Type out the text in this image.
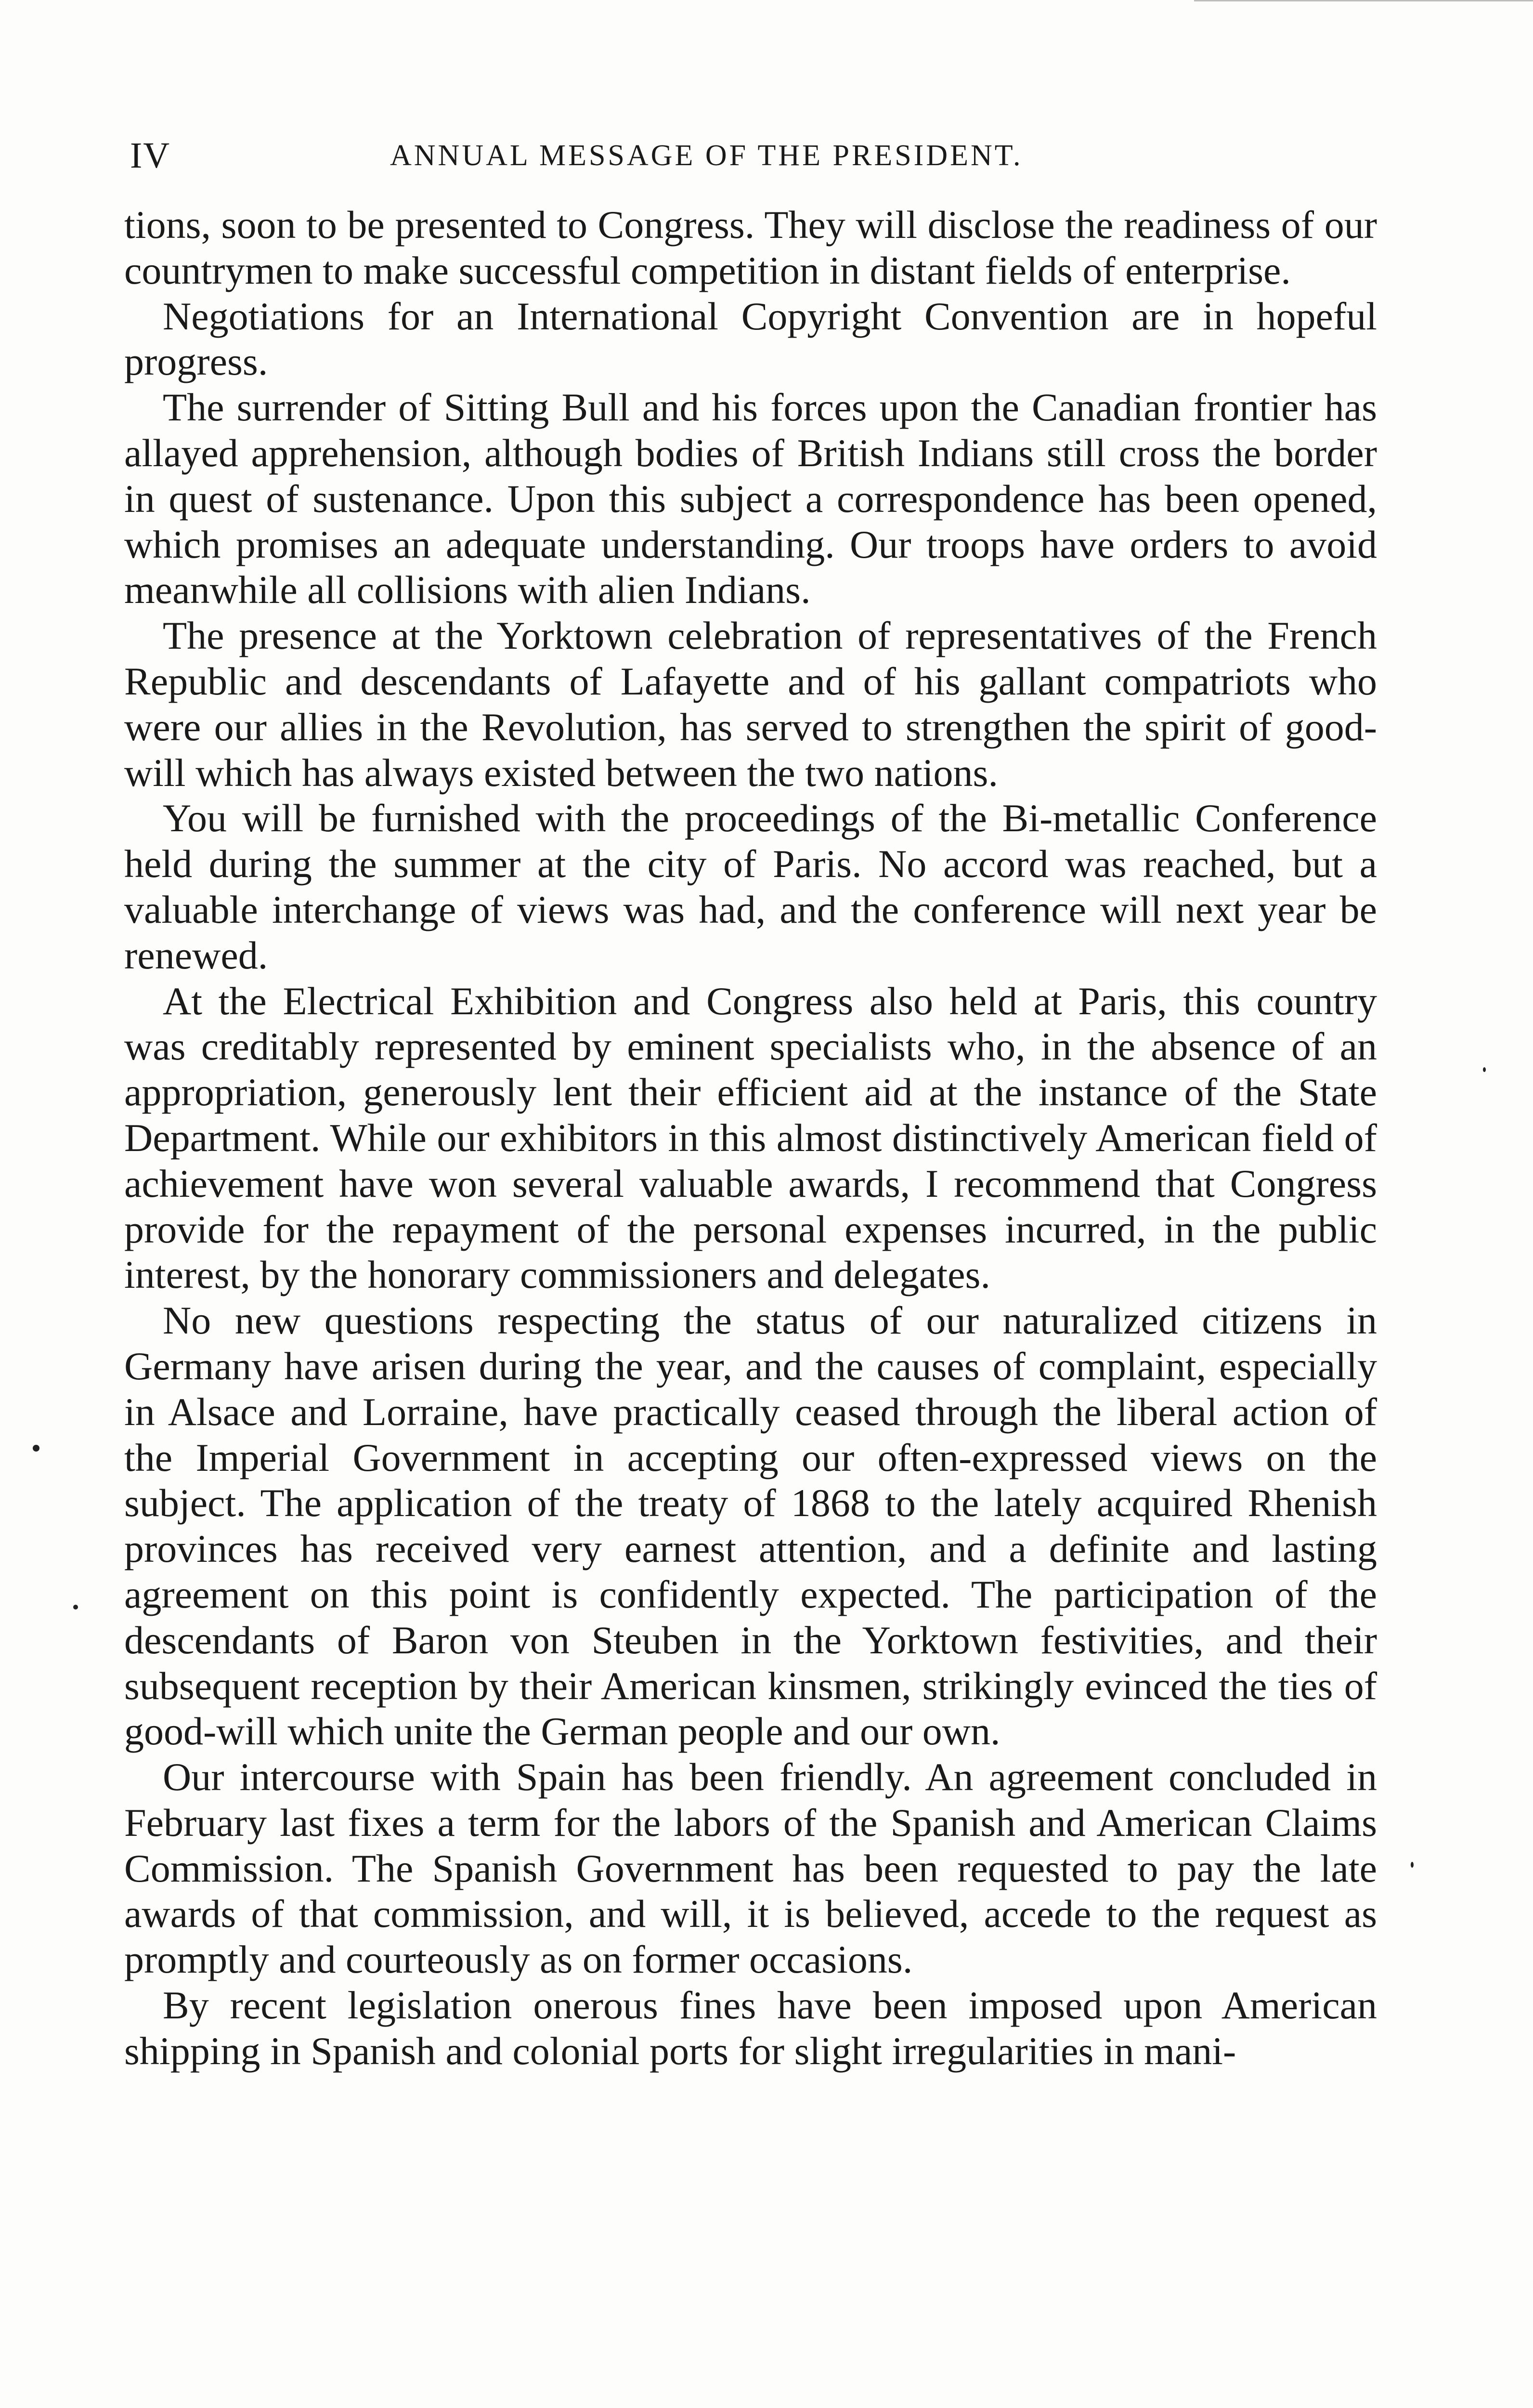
IV	ANNUAL MESSAGE OF THE PRESIDENT.

tions, soon to be presented to Congress. They will disclose the readiness of our countrymen to make successful competition in distant fields of enterprise.

Negotiations for an International Copyright Convention are in hopeful progress.

The surrender of Sitting Bull and his forces upon the Canadian frontier has allayed apprehension, although bodies of British Indians still cross the border in quest of sustenance. Upon this subject a correspondence has been opened, which promises an adequate understanding. Our troops have orders to avoid meanwhile all collisions with alien Indians.

The presence at the Yorktown celebration of representatives of the French Republic and descendants of Lafayette and of his gallant compatriots who were our allies in the Revolution, has served to strengthen the spirit of good-will which has always existed between the two nations.

You will be furnished with the proceedings of the Bi-metallic Conference held during the summer at the city of Paris. No accord was reached, but a valuable interchange of views was had, and the conference will next year be renewed.

At the Electrical Exhibition and Congress also held at Paris, this country was creditably represented by eminent specialists who, in the absence of an appropriation, generously lent their efficient aid at the instance of the State Department. While our exhibitors in this almost distinctively American field of achievement have won several valuable awards, I recommend that Congress provide for the repayment of the personal expenses incurred, in the public interest, by the honorary commissioners and delegates.

No new questions respecting the status of our naturalized citizens in Germany have arisen during the year, and the causes of complaint, especially in Alsace and Lorraine, have practically ceased through the liberal action of the Imperial Government in accepting our often-expressed views on the subject. The application of the treaty of 1868 to the lately acquired Rhenish provinces has received very earnest attention, and a definite and lasting agreement on this point is confidently expected. The participation of the descendants of Baron von Steuben in the Yorktown festivities, and their subsequent reception by their American kinsmen, strikingly evinced the ties of good-will which unite the German people and our own.

Our intercourse with Spain has been friendly. An agreement concluded in February last fixes a term for the labors of the Spanish and American Claims Commission. The Spanish Government has been requested to pay the late awards of that commission, and will, it is believed, accede to the request as promptly and courteously as on former occasions.

By recent legislation onerous fines have been imposed upon American shipping in Spanish and colonial ports for slight irregularities in mani-
